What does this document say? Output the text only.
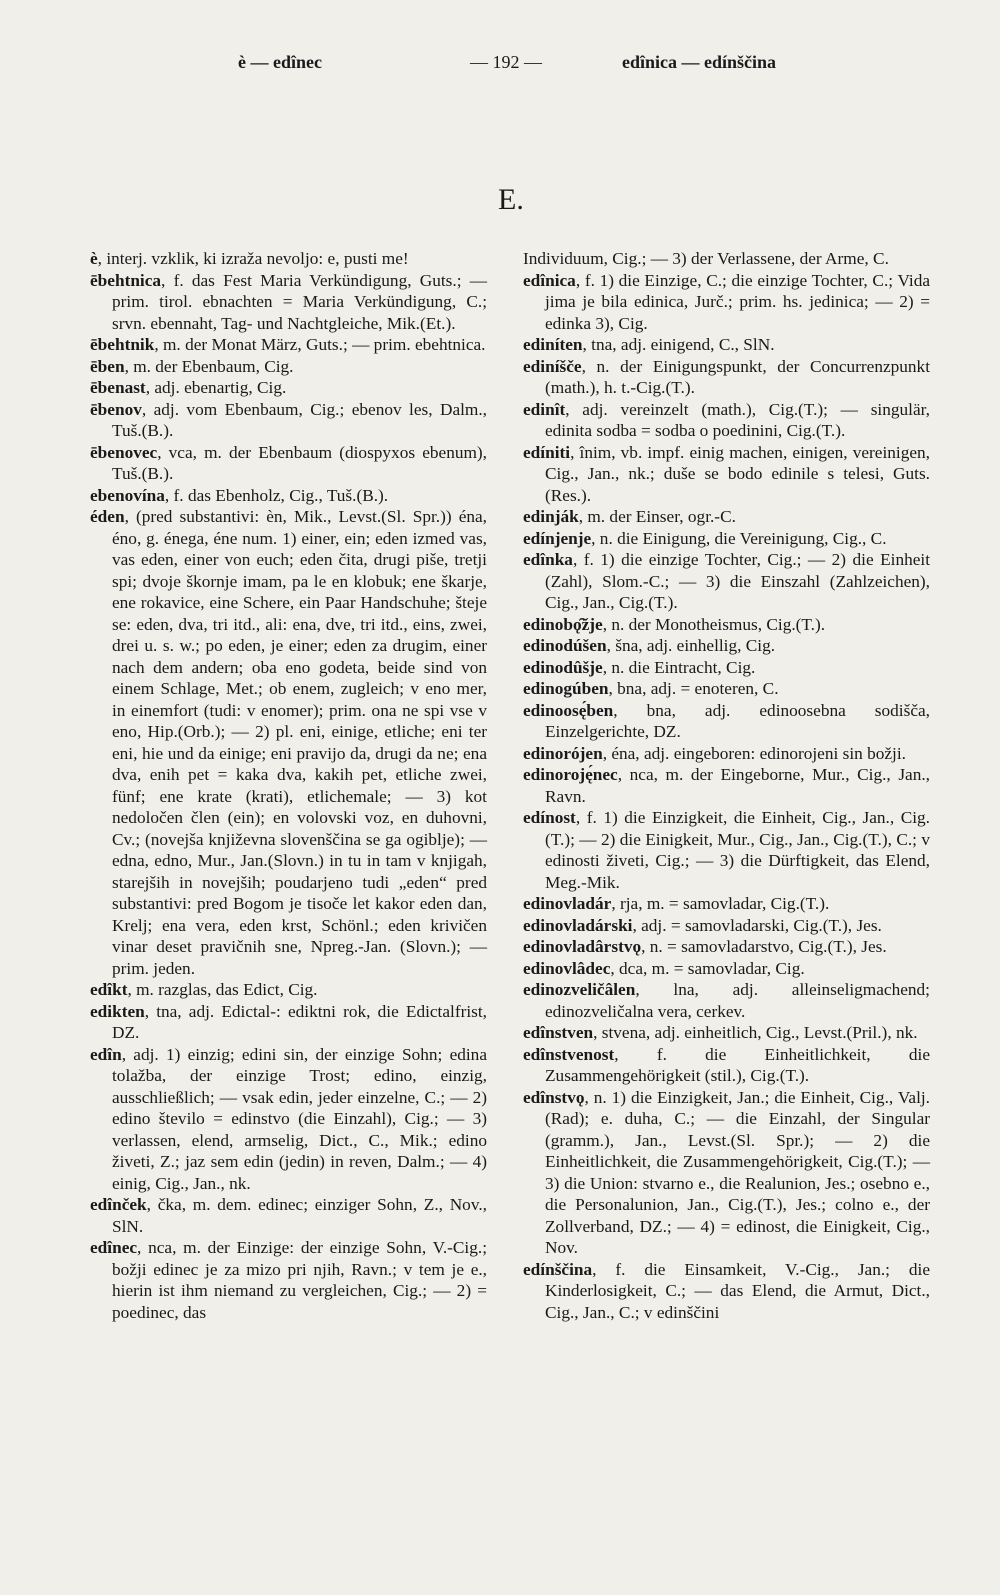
è — edînec	— 192 —	edînica — edínščina
E.

è, interj. vzklik, ki izraža nevoljo: e, pusti me!

ēbehtnica, f. das Fest Maria Verkündigung, Guts.; — prim. tirol. ebnachten = Maria Verkündigung, C.; srvn. ebennaht, Tag- und Nachtgleiche, Mik.(Et.).

ēbehtnik, m. der Monat März, Guts.; — prim. ebehtnica.

ēben, m. der Ebenbaum, Cig.

ēbenast, adj. ebenartig, Cig.

ēbenov, adj. vom Ebenbaum, Cig.; ebenov les, Dalm., Tuš.(B.).

ēbenovec, vca, m. der Ebenbaum (diospyxos ebenum), Tuš.(B.).

ebenovína, f. das Ebenholz, Cig., Tuš.(B.).

éden, (pred substantivi: èn, Mik., Levst.(Sl. Spr.)) éna, éno, g. énega, éne num. 1) einer, ein; eden izmed vas, vas eden, einer von euch; eden čita, drugi piše, tretji spi; dvoje škornje imam, pa le en klobuk; ene škarje, ene rokavice, eine Schere, ein Paar Handschuhe; šteje se: eden, dva, tri itd., ali: ena, dve, tri itd., eins, zwei, drei u. s. w.; po eden, je einer; eden za drugim, einer nach dem andern; oba eno godeta, beide sind von einem Schlage, Met.; ob enem, zugleich; v eno mer, in einemfort (tudi: v enomer); prim. ona ne spi vse v eno, Hip.(Orb.); — 2) pl. eni, einige, etliche; eni ter eni, hie und da einige; eni pravijo da, drugi da ne; ena dva, enih pet = kaka dva, kakih pet, etliche zwei, fünf; ene krate (krati), etlichemale; — 3) kot nedoločen člen (ein); en volovski voz, en duhovni, Cv.; (novejša književna slovenščina se ga ogiblje); —edna, edno, Mur., Jan.(Slovn.) in tu in tam v knjigah, starejših in novejših; poudarjeno tudi „eden“ pred substantivi: pred Bogom je tisoče let kakor eden dan, Krelj; ena vera, eden krst, Schönl.; eden krivičen vinar deset pravičnih sne, Npreg.-Jan. (Slovn.); — prim. jeden.

edîkt, m. razglas, das Edict, Cig.

edikten, tna, adj. Edictal-: ediktni rok, die Edictalfrist, DZ.

edîn, adj. 1) einzig; edini sin, der einzige Sohn; edina tolažba, der einzige Trost; edino, einzig, ausschließlich; — vsak edin, jeder einzelne, C.; — 2) edino število = edinstvo (die Einzahl), Cig.; — 3) verlassen, elend, armselig, Dict., C., Mik.; edino živeti, Z.; jaz sem edin (jedin) in reven, Dalm.; — 4) einig, Cig., Jan., nk.

edînček, čka, m. dem. edinec; einziger Sohn, Z., Nov., SlN.

edînec, nca, m. der Einzige: der einzige Sohn, V.-Cig.; božji edinec je za mizo pri njih, Ravn.; v tem je e., hierin ist ihm niemand zu vergleichen, Cig.; — 2) = poedinec, das

Individuum, Cig.; — 3) der Verlassene, der Arme, C.

edînica, f. 1) die Einzige, C.; die einzige Tochter, C.; Vida jima je bila edinica, Jurč.; prim. hs. jedinica; — 2) = edinka 3), Cig.

ediníten, tna, adj. einigend, C., SlN.

ediníšče, n. der Einigungspunkt, der Concurrenzpunkt (math.), h. t.-Cig.(T.).

edinît, adj. vereinzelt (math.), Cig.(T.); — singulär, edinita sodba = sodba o poedinini, Cig.(T.).

edíniti, înim, vb. impf. einig machen, einigen, vereinigen, Cig., Jan., nk.; duše se bodo edinile s telesi, Guts.(Res.).

edinják, m. der Einser, ogr.-C.

edínjenje, n. die Einigung, die Vereinigung, Cig., C.

edînka, f. 1) die einzige Tochter, Cig.; — 2) die Einheit (Zahl), Slom.-C.; — 3) die Einszahl (Zahlzeichen), Cig., Jan., Cig.(T.).

edinobǫ̑žje, n. der Monotheismus, Cig.(T.).

edinodúšen, šna, adj. einhellig, Cig.

edinodûšje, n. die Eintracht, Cig.

edinogúben, bna, adj. = enoteren, C.

edinoosę́ben, bna, adj. edinoosebna sodišča, Einzelgerichte, DZ.

edinorójen, éna, adj. eingeboren: edinorojeni sin božji.

edinoroję́nec, nca, m. der Eingeborne, Mur., Cig., Jan., Ravn.

edínost, f. 1) die Einzigkeit, die Einheit, Cig., Jan., Cig.(T.); — 2) die Einigkeit, Mur., Cig., Jan., Cig.(T.), C.; v edinosti živeti, Cig.; — 3) die Dürftigkeit, das Elend, Meg.-Mik.

edinovladár, rja, m. = samovladar, Cig.(T.).

edinovladárski, adj. = samovladarski, Cig.(T.), Jes.

edinovladârstvǫ, n. = samovladarstvo, Cig.(T.), Jes.

edinovlâdec, dca, m. = samovladar, Cig.

edinozveličâlen, lna, adj. alleinseligmachend; edinozveličalna vera, cerkev.

edînstven, stvena, adj. einheitlich, Cig., Levst.(Pril.), nk.

edînstvenost, f. die Einheitlichkeit, die Zusammengehörigkeit (stil.), Cig.(T.).

edînstvǫ, n. 1) die Einzigkeit, Jan.; die Einheit, Cig., Valj.(Rad); e. duha, C.; — die Einzahl, der Singular (gramm.), Jan., Levst.(Sl. Spr.); — 2) die Einheitlichkeit, die Zusammengehörigkeit, Cig.(T.); — 3) die Union: stvarno e., die Realunion, Jes.; osebno e., die Personalunion, Jan., Cig.(T.), Jes.; colno e., der Zollverband, DZ.; — 4) = edinost, die Einigkeit, Cig., Nov.

edínščina, f. die Einsamkeit, V.-Cig., Jan.; die Kinderlosigkeit, C.; — das Elend, die Armut, Dict., Cig., Jan., C.; v edinščini
